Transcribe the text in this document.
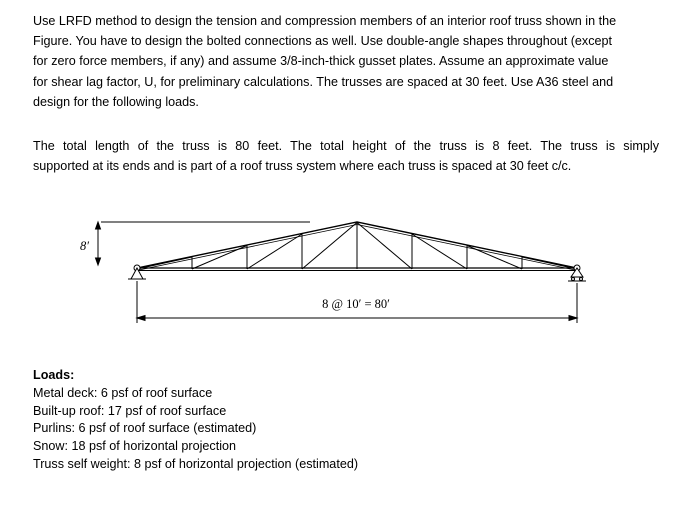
Use LRFD method to design the tension and compression members of an interior roof truss shown in the
Figure. You have to design the bolted connections as well. Use double-angle shapes throughout (except
for zero force members, if any) and assume 3/8-inch-thick gusset plates. Assume an approximate value
for shear lag factor, U, for preliminary calculations. The trusses are spaced at 30 feet. Use A36 steel and
design for the following loads.
The total length of the truss is 80 feet. The total height of the truss is 8 feet. The truss is simply
supported at its ends and is part of a roof truss system where each truss is spaced at 30 feet c/c.
8 @ 10′ = 80′
8′
Loads:
Metal deck: 6 psf of roof surface
Built-up roof: 17 psf of roof surface
Purlins: 6 psf of roof surface (estimated)
Snow: 18 psf of horizontal projection
Truss self weight: 8 psf of horizontal projection (estimated)
